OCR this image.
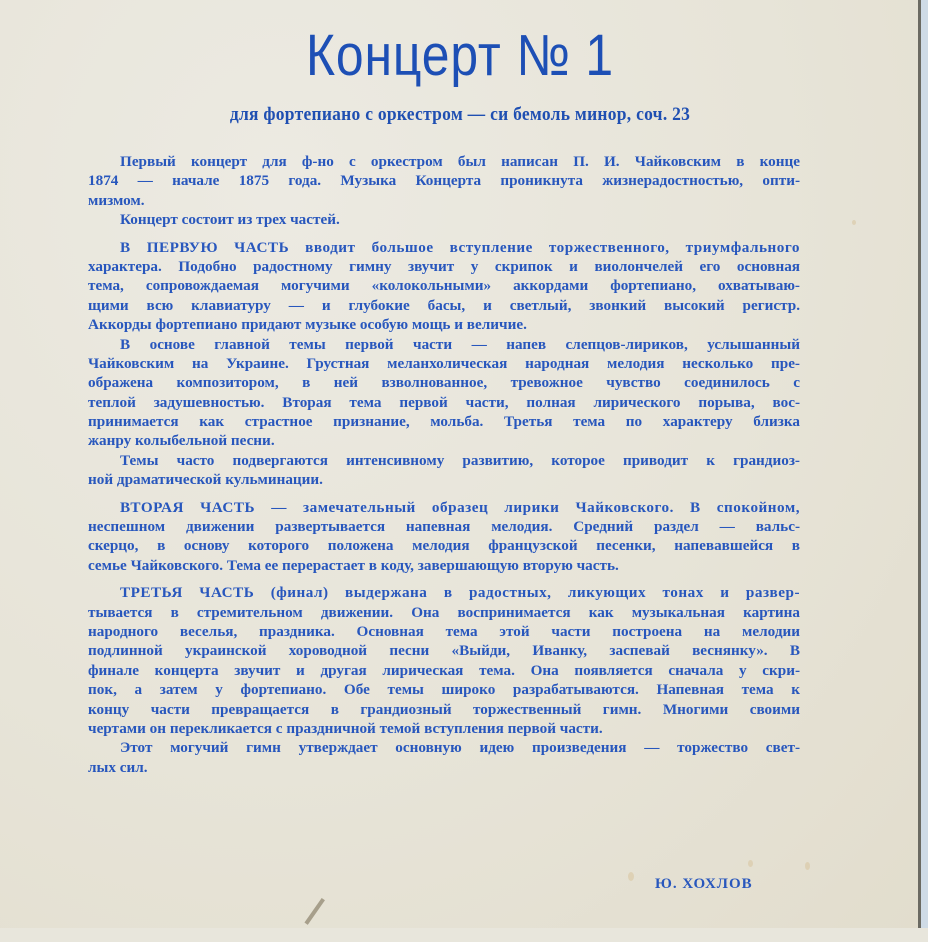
Концерт № 1
для фортепиано с оркестром — си бемоль минор, соч. 23
Первый концерт для ф-но с оркестром был написан П. И. Чайковским в конце
1874 — начале 1875 года. Музыка Концерта проникнута жизнерадостностью, опти-
мизмом.
Концерт состоит из трех частей.
В ПЕРВУЮ ЧАСТЬ вводит большое вступление торжественного, триумфального
характера. Подобно радостному гимну звучит у скрипок и виолончелей его основная
тема, сопровождаемая могучими «колокольными» аккордами фортепиано, охватываю-
щими всю клавиатуру — и глубокие басы, и светлый, звонкий высокий регистр.
Аккорды фортепиано придают музыке особую мощь и величие.
В основе главной темы первой части — напев слепцов-лириков, услышанный
Чайковским на Украине. Грустная меланхолическая народная мелодия несколько пре-
ображена композитором, в ней взволнованное, тревожное чувство соединилось с
теплой задушевностью. Вторая тема первой части, полная лирического порыва, вос-
принимается как страстное признание, мольба. Третья тема по характеру близка
жанру колыбельной песни.
Темы часто подвергаются интенсивному развитию, которое приводит к грандиоз-
ной драматической кульминации.
ВТОРАЯ ЧАСТЬ — замечательный образец лирики Чайковского. В спокойном,
неспешном движении развертывается напевная мелодия. Средний раздел — вальс-
скерцо, в основу которого положена мелодия французской песенки, напевавшейся в
семье Чайковского. Тема ее перерастает в коду, завершающую вторую часть.
ТРЕТЬЯ ЧАСТЬ (финал) выдержана в радостных, ликующих тонах и развер-
тывается в стремительном движении. Она воспринимается как музыкальная картина
народного веселья, праздника. Основная тема этой части построена на мелодии
подлинной украинской хороводной песни «Выйди, Иванку, заспевай веснянку». В
финале концерта звучит и другая лирическая тема. Она появляется сначала у скри-
пок, а затем у фортепиано. Обе темы широко разрабатываются. Напевная тема к
концу части превращается в грандиозный торжественный гимн. Многими своими
чертами он перекликается с праздничной темой вступления первой части.
Этот могучий гимн утверждает основную идею произведения — торжество свет-
лых сил.
Ю. ХОХЛОВ
